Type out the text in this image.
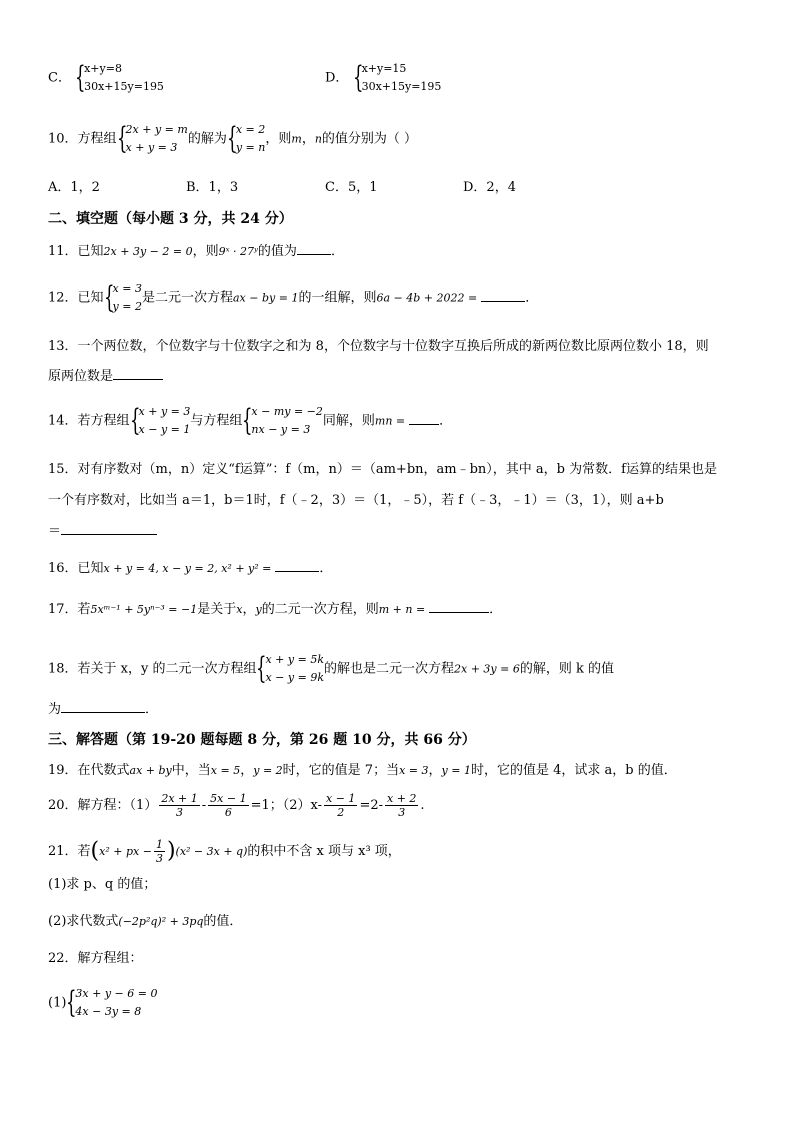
C． {
x+y=8
30x+15y=195
D． {
x+y=15
30x+15y=195
10．方程组 {
2x + y = m
x + y = 3
的解为 {
x = 2
y = n
，则m，n的值分别为（ ）
A．1，2	B．1，3	C．5，1	D．2，4
二、填空题（每小题 3 分，共 24 分）
11．已知2x + 3y − 2 = 0，则9ˣ · 27ʸ的值为	．
12．已知 {
x = 3
y = 2
是二元一次方程ax − by = 1的一组解，则6a − 4b + 2022 =	．
13．一个两位数，个位数字与十位数字之和为 8，个位数字与十位数字互换后所成的新两位数比原两位数小 18，则
原两位数是
14．若方程组 {
x + y = 3
x − y = 1
与方程组 {
x − my = −2
nx − y = 3
同解，则mn =	．
15．对有序数对（m，n）定义“f运算”：f（m，n）＝（am+bn，am﹣bn），其中 a，b 为常数．f运算的结果也是
一个有序数对，比如当 a＝1，b＝1时，f（﹣2，3）＝（1，﹣5），若 f（﹣3，﹣1）＝（3，1），则 a+b
＝
16．已知x + y = 4, x − y = 2, x² + y² =	．
17．若5xᵐ⁻¹ + 5yⁿ⁻³ = −1是关于x，y的二元一次方程，则m + n =	．
18．若关于 x，y 的二元一次方程组 {
x + y = 5k
x − y = 9k
的解也是二元一次方程2x + 3y = 6的解，则 k 的值
为	．
三、解答题（第 19-20 题每题 8 分，第 26 题 10 分，共 66 分）
19．在代数式ax + by中，当x = 5，y = 2时，它的值是 7；当x = 3，y = 1时，它的值是 4，试求 a，b 的值．
20．解方程：$(1) \frac{2x + 1}{3} - \frac{5x - 1}{6} =1$；$(2)x- \frac{x - 1}{2} =2- \frac{x + 2}{3}$ .
21．若(x² + px − $\frac{1}{3} )(x^2 - 3x + q)$的积中不含 x 项与 x³ 项，
(1)求 p、q 的值；
(2)求代数式(−2p²q)² + 3pq的值．
22．解方程组：
(1) {
3x + y − 6 = 0
4x − 3y = 8
